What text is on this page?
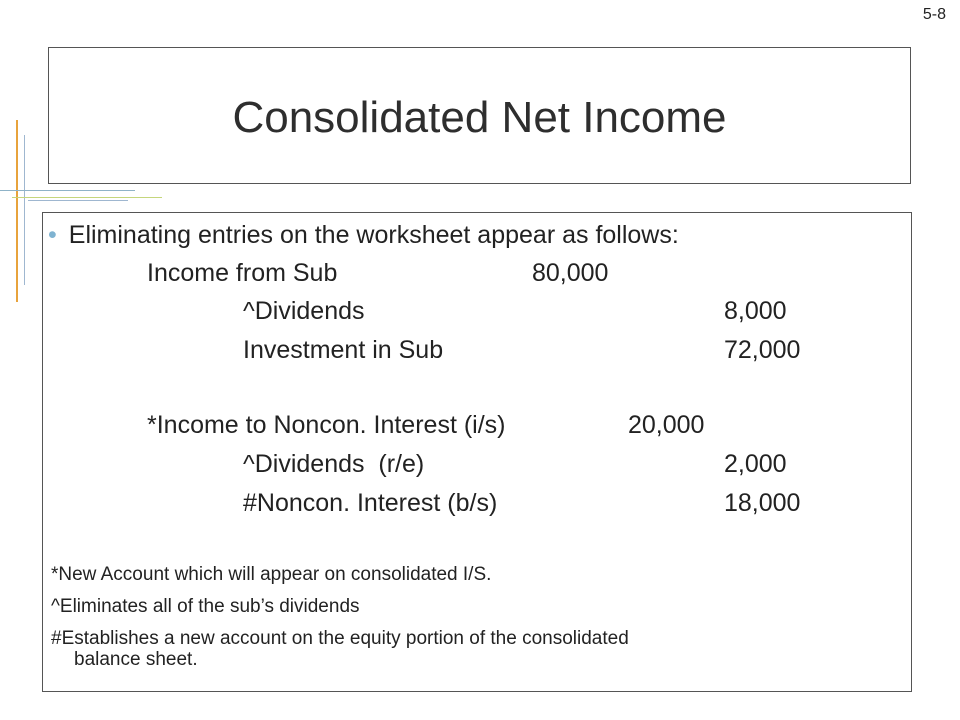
5-8
Consolidated Net Income
• Eliminating entries on the worksheet appear as follows:
Income from Sub	80,000
^Dividends	8,000
Investment in Sub	72,000
*Income to Noncon. Interest (i/s)	20,000
^Dividends  (r/e)	2,000
#Noncon. Interest (b/s)	18,000
*New Account which will appear on consolidated I/S.
^Eliminates all of the sub’s dividends
#Establishes a new account on the equity portion of the consolidated
balance sheet.
